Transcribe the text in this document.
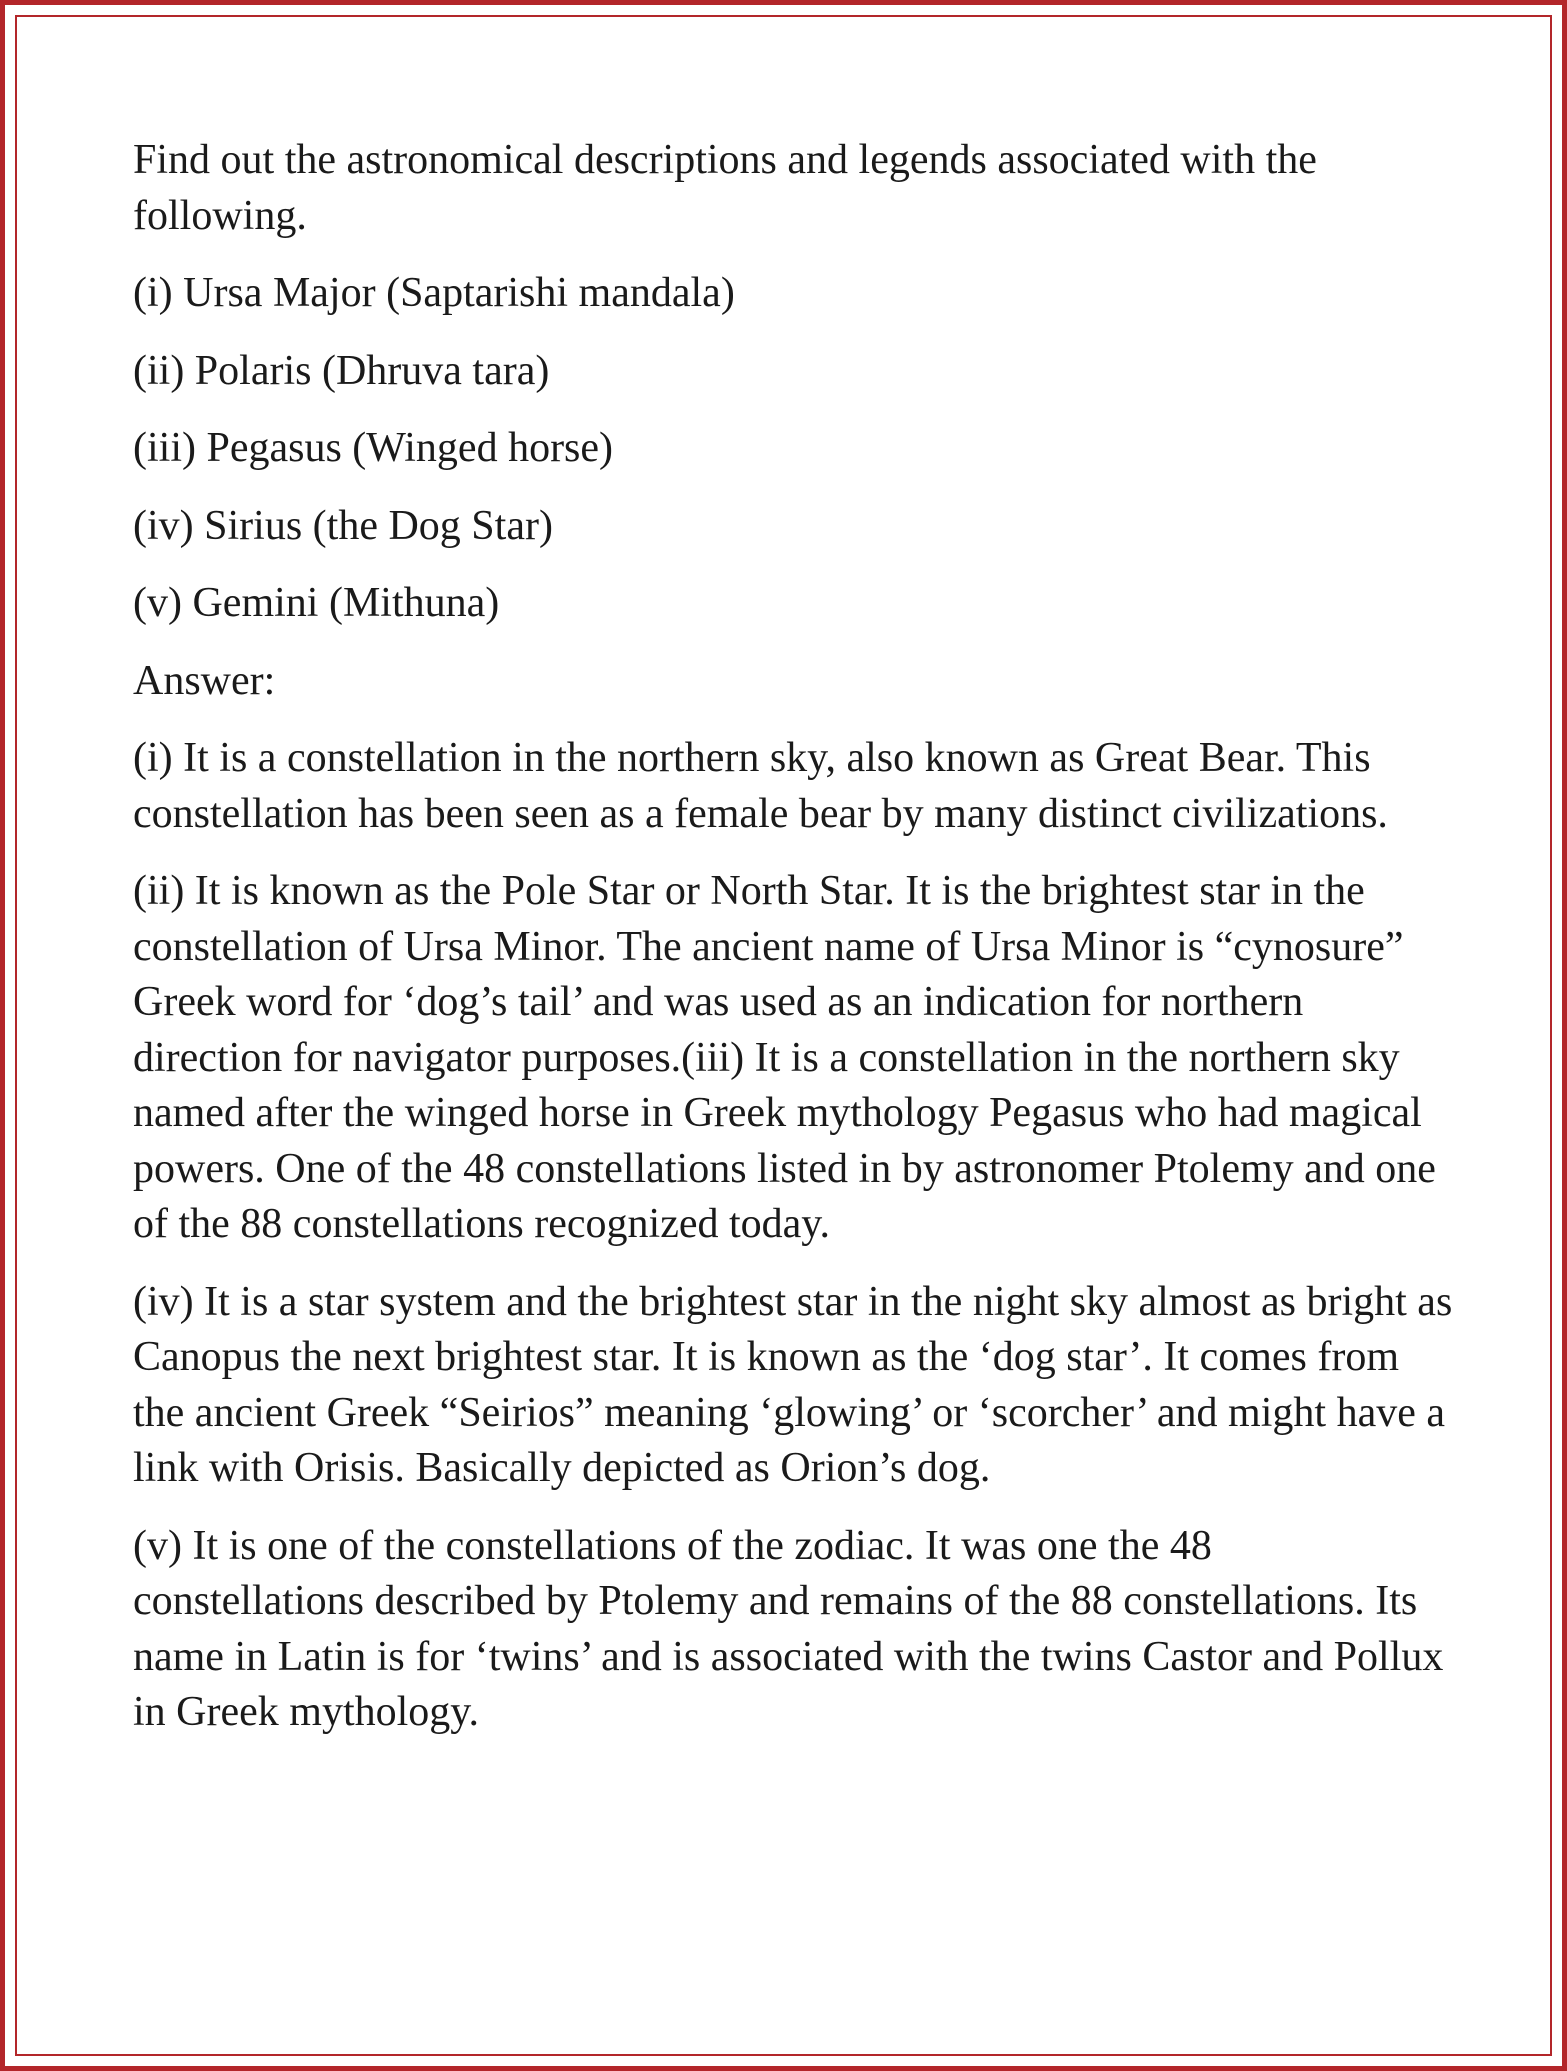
Find out the astronomical descriptions and legends associated with the following.

(i) Ursa Major (Saptarishi mandala)

(ii) Polaris (Dhruva tara)

(iii) Pegasus (Winged horse)

(iv) Sirius (the Dog Star)

(v) Gemini (Mithuna)

Answer:

(i) It is a constellation in the northern sky, also known as Great Bear. This constellation has been seen as a female bear by many distinct civilizations.

(ii) It is known as the Pole Star or North Star. It is the brightest star in the constellation of Ursa Minor. The ancient name of Ursa Minor is “cynosure” Greek word for ‘dog’s tail’ and was used as an indication for northern direction for navigator purposes.(iii) It is a constellation in the northern sky named after the winged horse in Greek mythology Pegasus who had magical powers. One of the 48 constellations listed in by astronomer Ptolemy and one of the 88 constellations recognized today.

(iv) It is a star system and the brightest star in the night sky almost as bright as Canopus the next brightest star. It is known as the ‘dog star’. It comes from the ancient Greek “Seirios” meaning ‘glowing’ or ‘scorcher’ and might have a link with Orisis. Basically depicted as Orion’s dog.

(v) It is one of the constellations of the zodiac. It was one the 48 constellations described by Ptolemy and remains of the 88 constellations. Its name in Latin is for ‘twins’ and is associated with the twins Castor and Pollux in Greek mythology.
